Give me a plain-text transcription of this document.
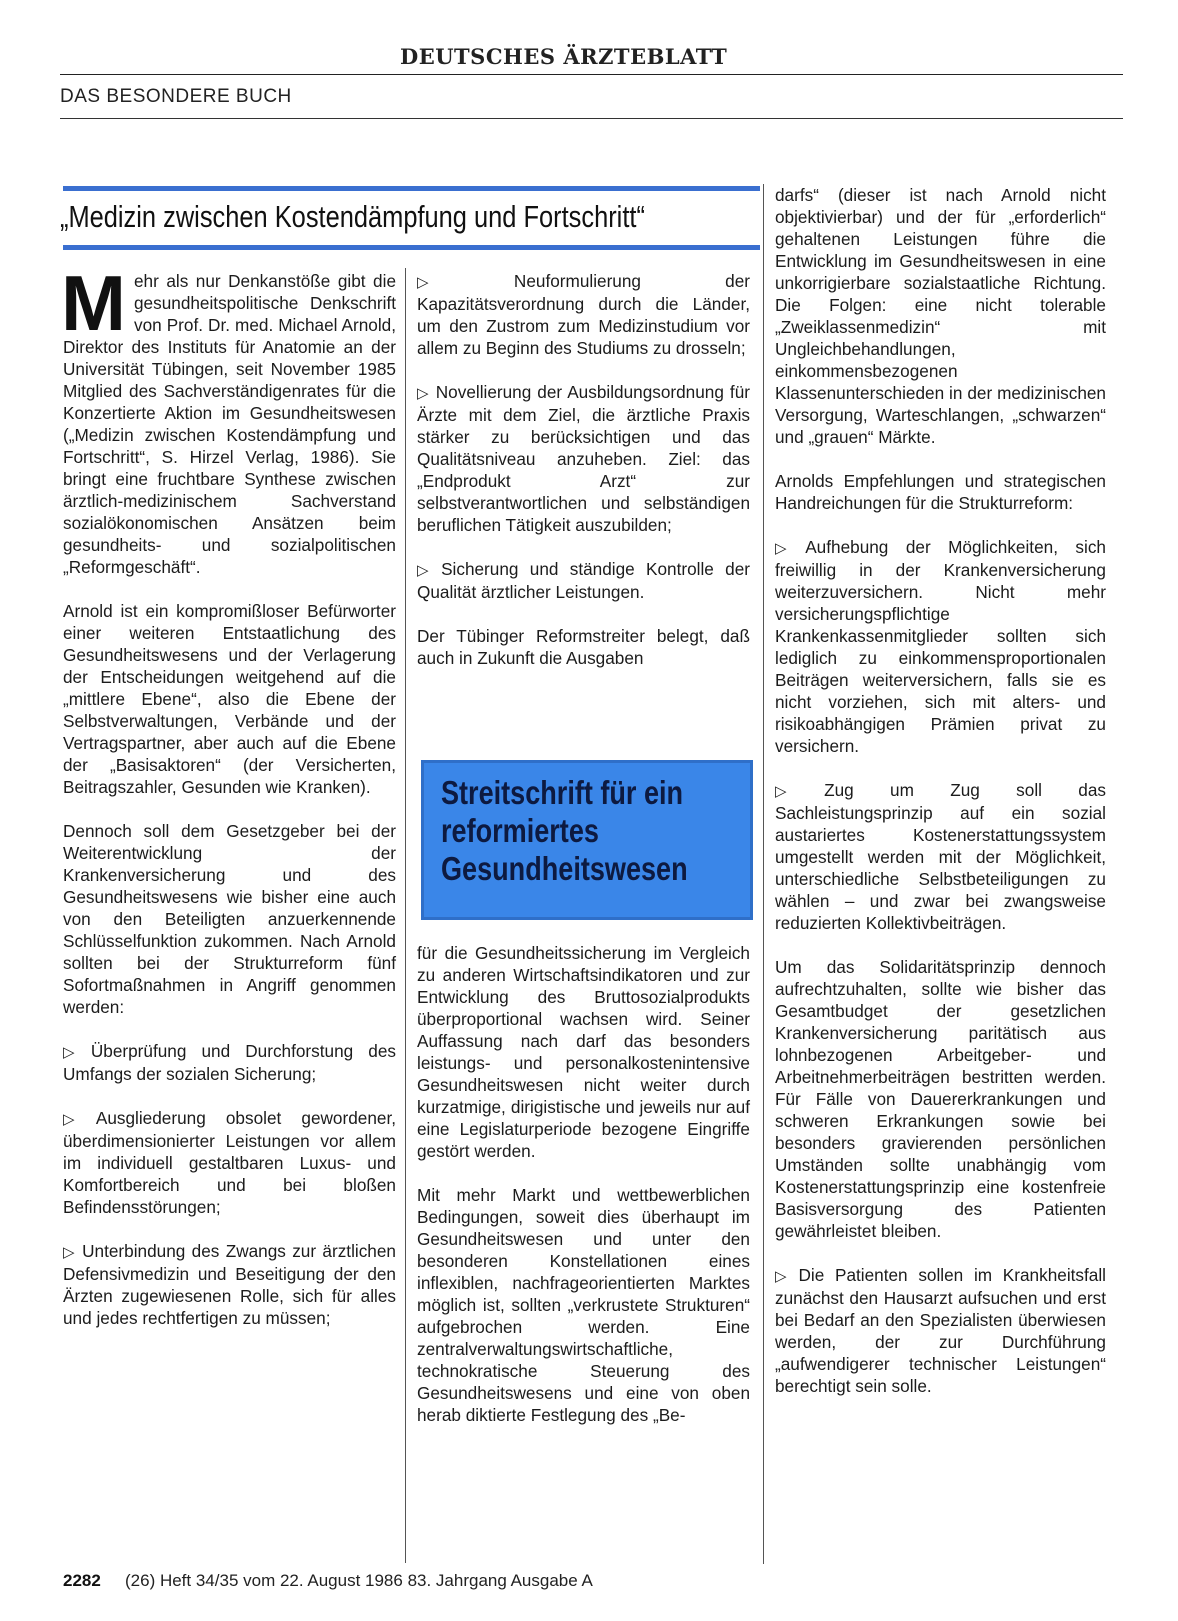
DEUTSCHES ÄRZTEBLATT
DAS BESONDERE BUCH
„Medizin zwischen Kostendämpfung und Fortschritt“

Mehr als nur Denkanstöße gibt die gesundheitspolitische Denkschrift von Prof. Dr. med. Michael Arnold, Direktor des Instituts für Anatomie an der Universität Tübingen, seit November 1985 Mitglied des Sachverständigenrates für die Konzertierte Aktion im Gesundheitswesen („Medizin zwischen Kostendämpfung und Fortschritt“, S. Hirzel Verlag, 1986). Sie bringt eine fruchtbare Synthese zwischen ärztlich-medizinischem Sachverstand sozialökonomischen Ansätzen beim gesundheits- und sozialpolitischen „Reformgeschäft“.

Arnold ist ein kompromißloser Befürworter einer weiteren Entstaatlichung des Gesundheitswesens und der Verlagerung der Entscheidungen weitgehend auf die „mittlere Ebene“, also die Ebene der Selbstverwaltungen, Verbände und der Vertragspartner, aber auch auf die Ebene der „Basisaktoren“ (der Versicherten, Beitragszahler, Gesunden wie Kranken).

Dennoch soll dem Gesetzgeber bei der Weiterentwicklung der Krankenversicherung und des Gesundheitswesens wie bisher eine auch von den Beteiligten anzuerkennende Schlüsselfunktion zukommen. Nach Arnold sollten bei der Strukturreform fünf Sofortmaßnahmen in Angriff genommen werden:

▷ Überprüfung und Durchforstung des Umfangs der sozialen Sicherung;

▷ Ausgliederung obsolet gewordener, überdimensionierter Leistungen vor allem im individuell gestaltbaren Luxus- und Komfortbereich und bei bloßen Befindensstörungen;

▷ Unterbindung des Zwangs zur ärztlichen Defensivmedizin und Beseitigung der den Ärzten zugewiesenen Rolle, sich für alles und jedes rechtfertigen zu müssen;

▷ Neuformulierung der Kapazitätsverordnung durch die Länder, um den Zustrom zum Medizinstudium vor allem zu Beginn des Studiums zu drosseln;

▷ Novellierung der Ausbildungsordnung für Ärzte mit dem Ziel, die ärztliche Praxis stärker zu berücksichtigen und das Qualitätsniveau anzuheben. Ziel: das „Endprodukt Arzt“ zur selbstverantwortlichen und selbständigen beruflichen Tätigkeit auszubilden;

▷ Sicherung und ständige Kontrolle der Qualität ärztlicher Leistungen.

Der Tübinger Reformstreiter belegt, daß auch in Zukunft die Ausgaben

Streitschrift für ein reformiertes Gesundheitswesen

für die Gesundheitssicherung im Vergleich zu anderen Wirtschaftsindikatoren und zur Entwicklung des Bruttosozialprodukts überproportional wachsen wird. Seiner Auffassung nach darf das besonders leistungs- und personalkostenintensive Gesundheitswesen nicht weiter durch kurzatmige, dirigistische und jeweils nur auf eine Legislaturperiode bezogene Eingriffe gestört werden.

Mit mehr Markt und wettbewerblichen Bedingungen, soweit dies überhaupt im Gesundheitswesen und unter den besonderen Konstellationen eines inflexiblen, nachfrageorientierten Marktes möglich ist, sollten „verkrustete Strukturen“ aufgebrochen werden. Eine zentralverwaltungswirtschaftliche, technokratische Steuerung des Gesundheitswesens und eine von oben herab diktierte Festlegung des „Be-

darfs“ (dieser ist nach Arnold nicht objektivierbar) und der für „erforderlich“ gehaltenen Leistungen führe die Entwicklung im Gesundheitswesen in eine unkorrigierbare sozialstaatliche Richtung. Die Folgen: eine nicht tolerable „Zweiklassenmedizin“ mit Ungleichbehandlungen, einkommensbezogenen Klassenunterschieden in der medizinischen Versorgung, Warteschlangen, „schwarzen“ und „grauen“ Märkte.

Arnolds Empfehlungen und strategischen Handreichungen für die Strukturreform:

▷ Aufhebung der Möglichkeiten, sich freiwillig in der Krankenversicherung weiterzuversichern. Nicht mehr versicherungspflichtige Krankenkassenmitglieder sollten sich lediglich zu einkommensproportionalen Beiträgen weiterversichern, falls sie es nicht vorziehen, sich mit alters- und risikoabhängigen Prämien privat zu versichern.

▷ Zug um Zug soll das Sachleistungsprinzip auf ein sozial austariertes Kostenerstattungssystem umgestellt werden mit der Möglichkeit, unterschiedliche Selbstbeteiligungen zu wählen – und zwar bei zwangsweise reduzierten Kollektivbeiträgen.

Um das Solidaritätsprinzip dennoch aufrechtzuhalten, sollte wie bisher das Gesamtbudget der gesetzlichen Krankenversicherung paritätisch aus lohnbezogenen Arbeitgeber- und Arbeitnehmerbeiträgen bestritten werden. Für Fälle von Dauererkrankungen und schweren Erkrankungen sowie bei besonders gravierenden persönlichen Umständen sollte unabhängig vom Kostenerstattungsprinzip eine kostenfreie Basisversorgung des Patienten gewährleistet bleiben.

▷ Die Patienten sollen im Krankheitsfall zunächst den Hausarzt aufsuchen und erst bei Bedarf an den Spezialisten überwiesen werden, der zur Durchführung „aufwendigerer technischer Leistungen“ berechtigt sein solle.

2282 (26) Heft 34/35 vom 22. August 1986 83. Jahrgang Ausgabe A
